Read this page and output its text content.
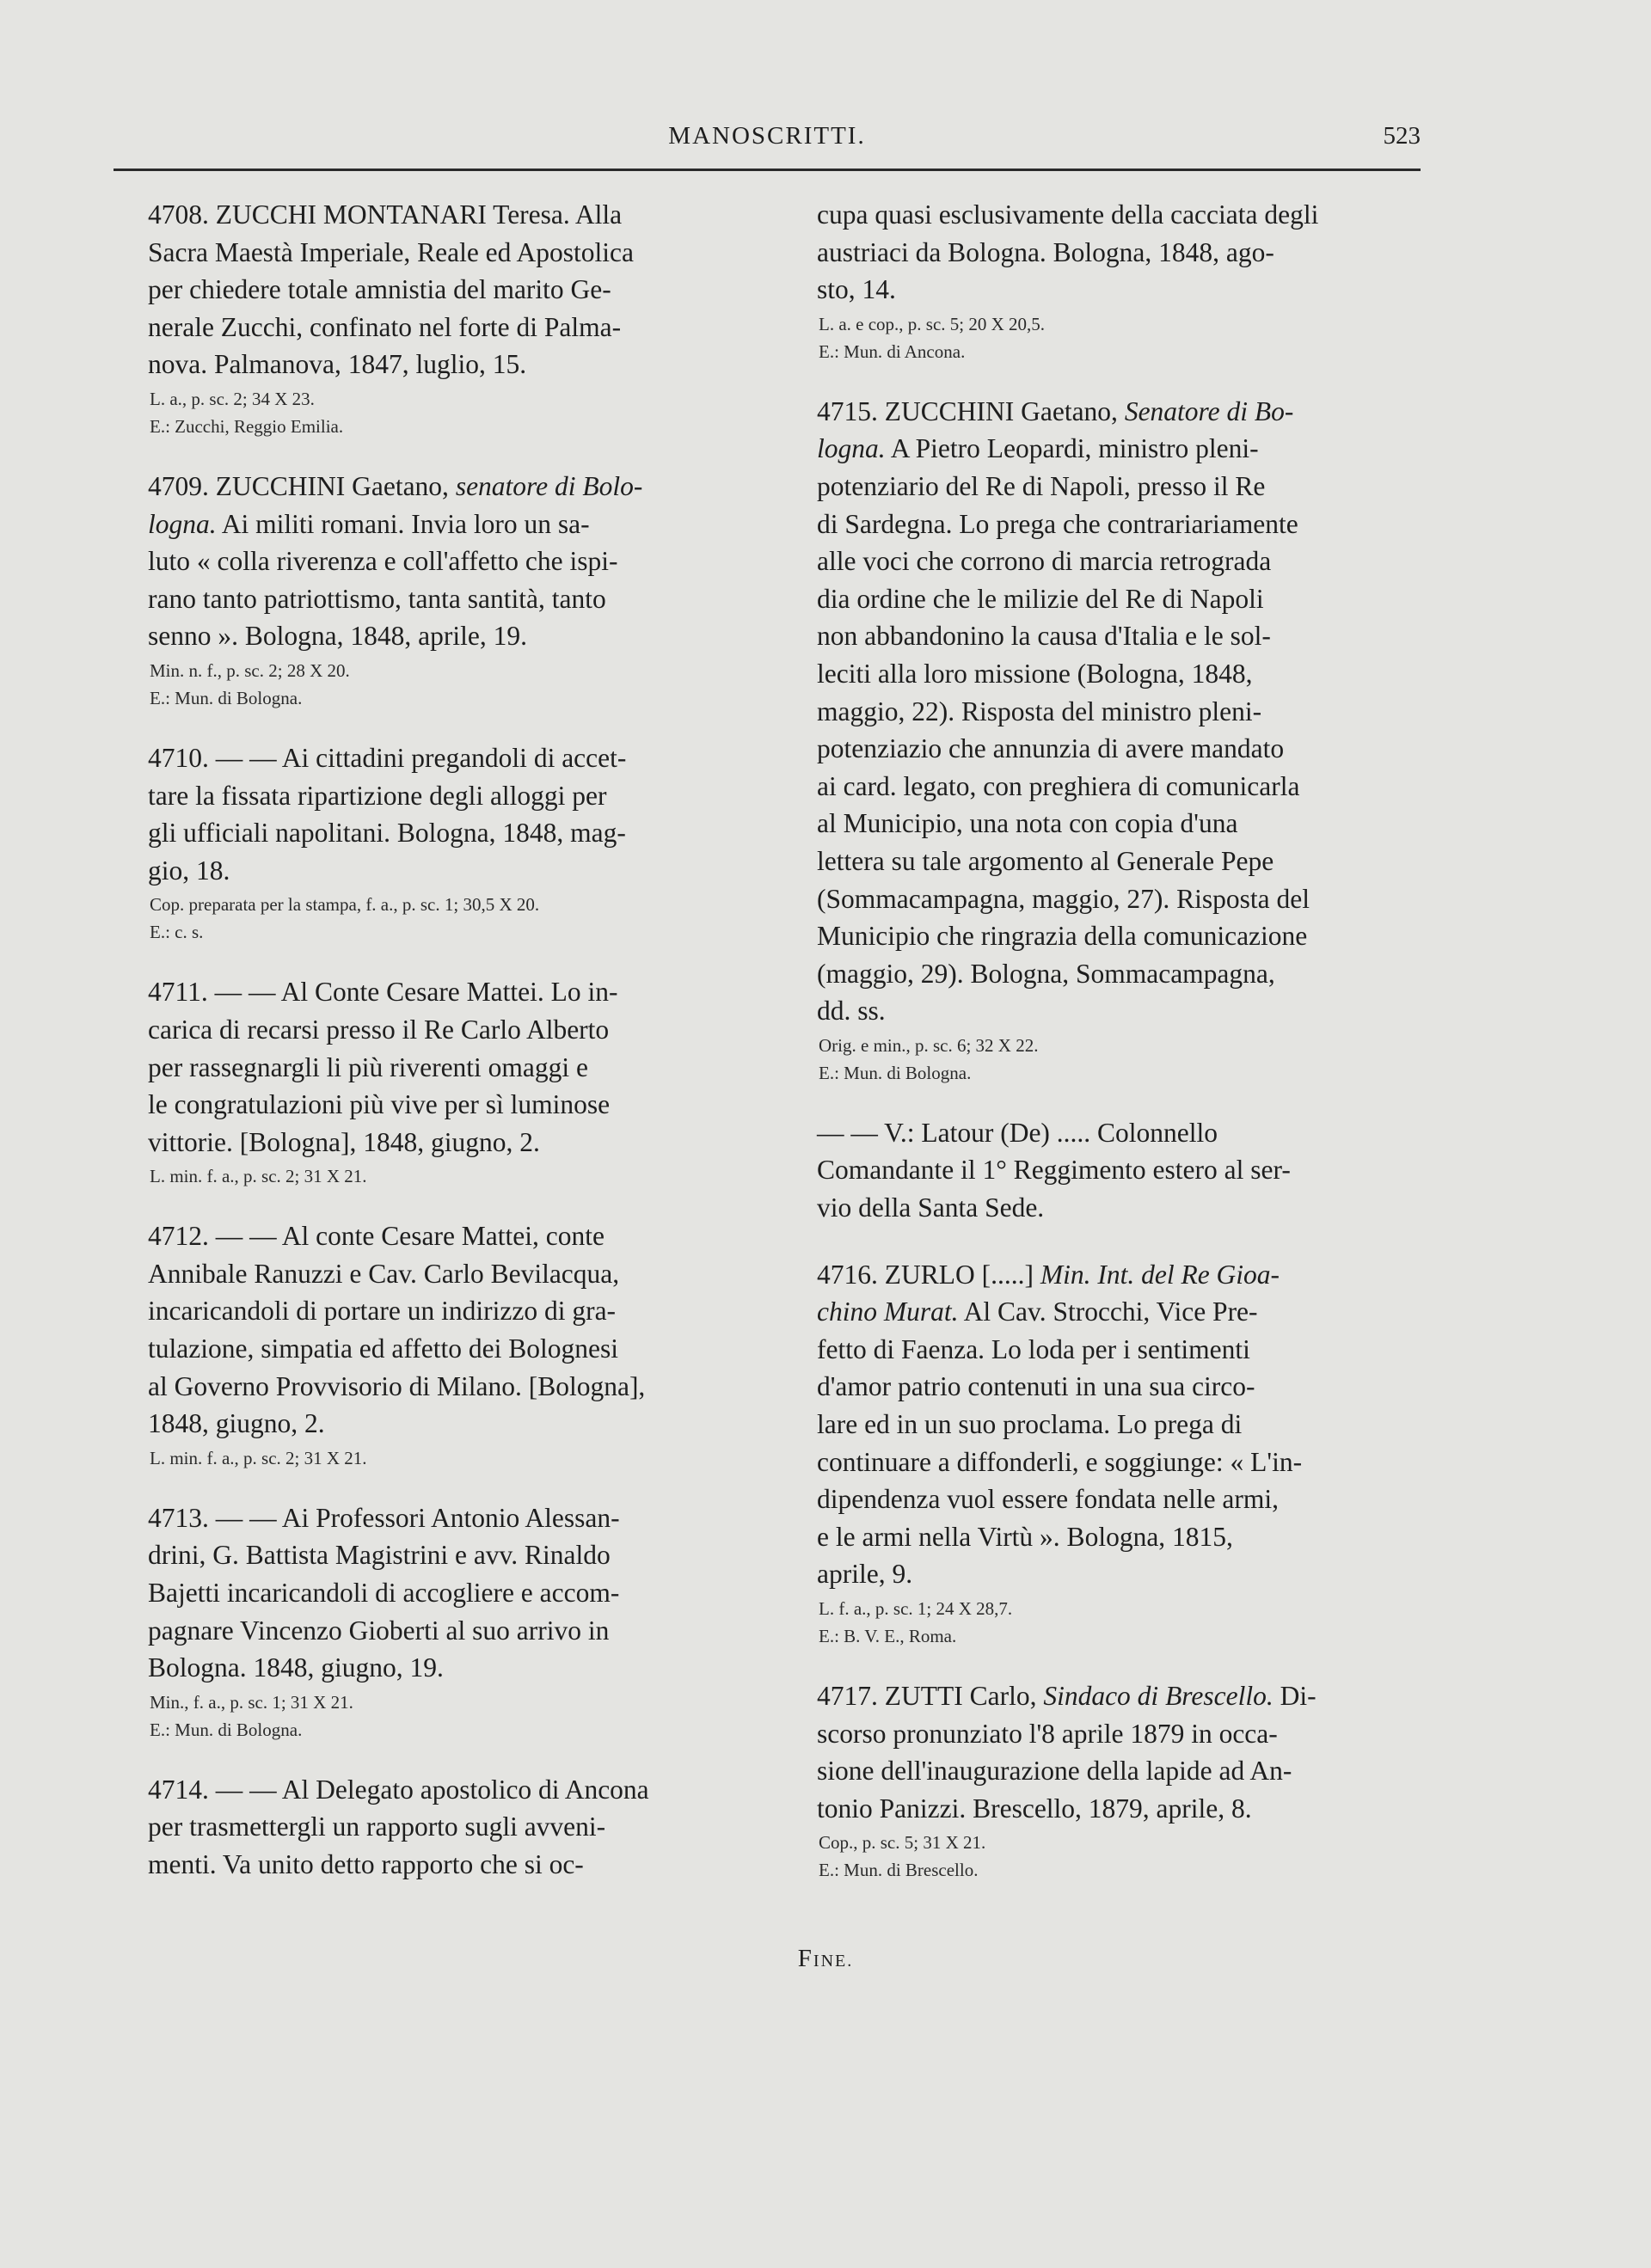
MANOSCRITTI.	523

4708. ZUCCHI MONTANARI Teresa. Alla

Sacra Maestà Imperiale, Reale ed Apostolica

per chiedere totale amnistia del marito Ge-

nerale Zucchi, confinato nel forte di Palma-

nova. Palmanova, 1847, luglio, 15.

L. a., p. sc. 2; 34 X 23.
E.: Zucchi, Reggio Emilia.

4709. ZUCCHINI Gaetano, senatore di Bolo-

logna. Ai militi romani. Invia loro un sa-

luto « colla riverenza e coll'affetto che ispi-

rano tanto patriottismo, tanta santità, tanto

senno ». Bologna, 1848, aprile, 19.

Min. n. f., p. sc. 2; 28 X 20.
E.: Mun. di Bologna.

4710. — — Ai cittadini pregandoli di accet-

tare la fissata ripartizione degli alloggi per

gli ufficiali napolitani. Bologna, 1848, mag-

gio, 18.

Cop. preparata per la stampa, f. a., p. sc. 1; 30,5 X 20.
E.: c. s.

4711. — — Al Conte Cesare Mattei. Lo in-

carica di recarsi presso il Re Carlo Alberto

per rassegnargli li più riverenti omaggi e

le congratulazioni più vive per sì luminose

vittorie. [Bologna], 1848, giugno, 2.

L. min. f. a., p. sc. 2; 31 X 21.

4712. — — Al conte Cesare Mattei, conte

Annibale Ranuzzi e Cav. Carlo Bevilacqua,

incaricandoli di portare un indirizzo di gra-

tulazione, simpatia ed affetto dei Bolognesi

al Governo Provvisorio di Milano. [Bologna],

1848, giugno, 2.

L. min. f. a., p. sc. 2; 31 X 21.

4713. — — Ai Professori Antonio Alessan-

drini, G. Battista Magistrini e avv. Rinaldo

Bajetti incaricandoli di accogliere e accom-

pagnare Vincenzo Gioberti al suo arrivo in

Bologna. 1848, giugno, 19.

Min., f. a., p. sc. 1; 31 X 21.
E.: Mun. di Bologna.

4714. — — Al Delegato apostolico di Ancona

per trasmettergli un rapporto sugli avveni-

menti. Va unito detto rapporto che si oc-

cupa quasi esclusivamente della cacciata degli

austriaci da Bologna. Bologna, 1848, ago-

sto, 14.

L. a. e cop., p. sc. 5; 20 X 20,5.
E.: Mun. di Ancona.

4715. ZUCCHINI Gaetano, Senatore di Bo-

logna. A Pietro Leopardi, ministro pleni-

potenziario del Re di Napoli, presso il Re

di Sardegna. Lo prega che contrariariamente

alle voci che corrono di marcia retrograda

dia ordine che le milizie del Re di Napoli

non abbandonino la causa d'Italia e le sol-

leciti alla loro missione (Bologna, 1848,

maggio, 22). Risposta del ministro pleni-

potenziazio che annunzia di avere mandato

ai card. legato, con preghiera di comunicarla

al Municipio, una nota con copia d'una

lettera su tale argomento al Generale Pepe

(Sommacampagna, maggio, 27). Risposta del

Municipio che ringrazia della comunicazione

(maggio, 29). Bologna, Sommacampagna,

dd. ss.

Orig. e min., p. sc. 6; 32 X 22.
E.: Mun. di Bologna.

— — V.: Latour (De) ..... Colonnello

Comandante il 1° Reggimento estero al ser-

vio della Santa Sede.

4716. ZURLO [.....] Min. Int. del Re Gioa-

chino Murat. Al Cav. Strocchi, Vice Pre-

fetto di Faenza. Lo loda per i sentimenti

d'amor patrio contenuti in una sua circo-

lare ed in un suo proclama. Lo prega di

continuare a diffonderli, e soggiunge: « L'in-

dipendenza vuol essere fondata nelle armi,

e le armi nella Virtù ». Bologna, 1815,

aprile, 9.

L. f. a., p. sc. 1; 24 X 28,7.
E.: B. V. E., Roma.

4717. ZUTTI Carlo, Sindaco di Brescello. Di-

scorso pronunziato l'8 aprile 1879 in occa-

sione dell'inaugurazione della lapide ad An-

tonio Panizzi. Brescello, 1879, aprile, 8.

Cop., p. sc. 5; 31 X 21.
E.: Mun. di Brescello.
FINE.
